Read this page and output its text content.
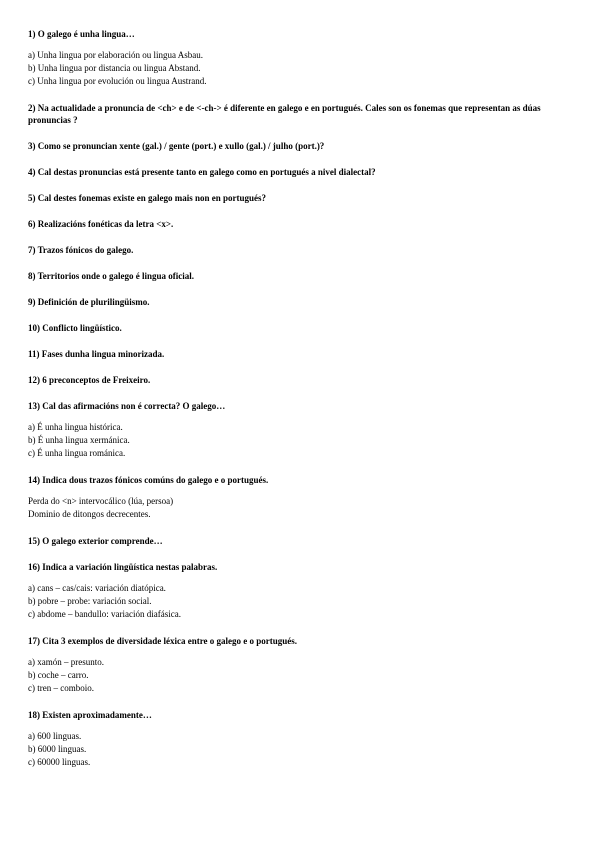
1) O galego é unha lingua…
a) Unha lingua por elaboración ou lingua Asbau.
b) Unha lingua por distancia ou lingua Abstand.
c) Unha lingua por evolución ou lingua Austrand.
2) Na actualidade a pronuncia de <ch> e de <-ch-> é diferente en galego e en portugués. Cales son os fonemas que representan as dúas pronuncias ?
3) Como se pronuncian xente (gal.) / gente (port.) e xullo (gal.) / julho (port.)?
4) Cal destas pronuncias está presente tanto en galego como en portugués a nivel dialectal?
5) Cal destes fonemas existe en galego mais non en portugués?
6) Realizacións fonéticas da letra <x>.
7) Trazos fónicos do galego.
8) Territorios onde o galego é lingua oficial.
9) Definición de plurilingüismo.
10) Conflicto lingüístico.
11) Fases dunha lingua minorizada.
12) 6 preconceptos de Freixeiro.
13) Cal das afirmacións non é correcta? O galego…
a) É unha lingua histórica.
b) É unha lingua xermánica.
c) É unha lingua románica.
14) Indica dous trazos fónicos comúns do galego e o portugués.
Perda do <n> intervocálico (lúa, persoa)
Dominio de ditongos decrecentes.
15) O galego exterior comprende…
16) Indica a variación lingüística nestas palabras.
a) cans – cas/cais: variación diatópica.
b) pobre – probe: variación social.
c) abdome – bandullo: variación diafásica.
17) Cita 3 exemplos de diversidade léxica entre o galego e o portugués.
a) xamón – presunto.
b) coche – carro.
c) tren – comboio.
18) Existen aproximadamente…
a) 600 linguas.
b) 6000 linguas.
c) 60000 linguas.
